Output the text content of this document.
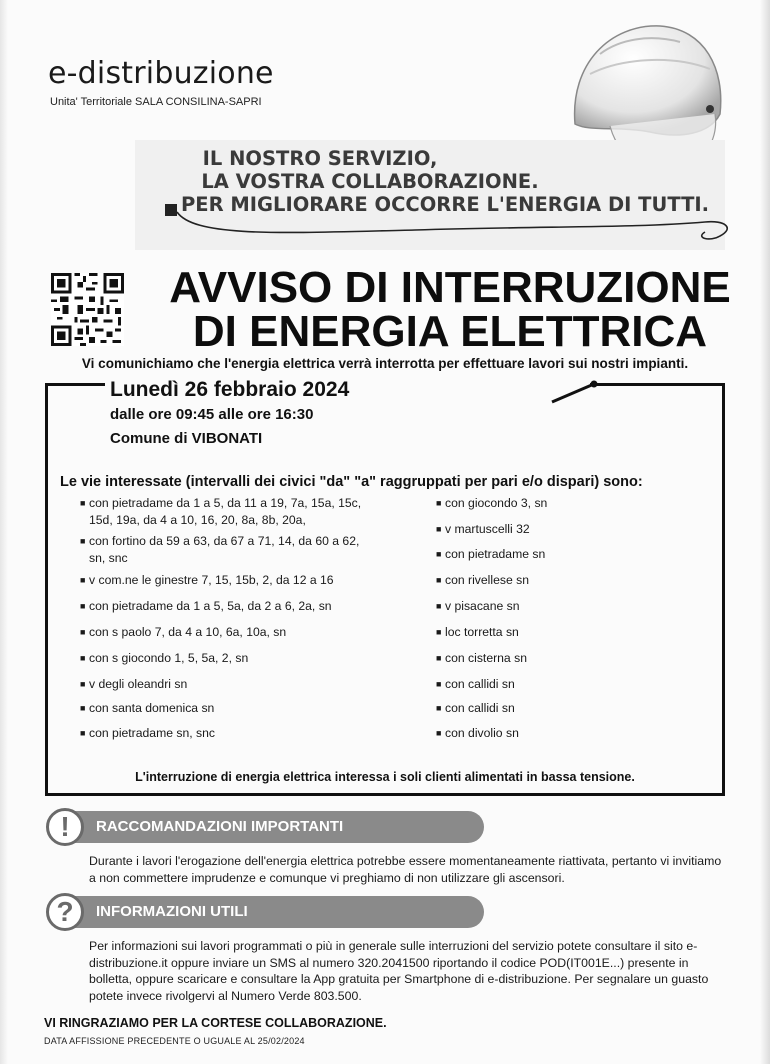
e-distribuzione
Unita' Territoriale SALA CONSILINA-SAPRI
IL NOSTRO SERVIZIO,
LA VOSTRA COLLABORAZIONE.
PER MIGLIORARE OCCORRE L'ENERGIA DI TUTTI.
AVVISO DI INTERRUZIONE
DI ENERGIA ELETTRICA
Vi comunichiamo che l'energia elettrica verrà interrotta per effettuare lavori sui nostri impianti.
Lunedì 26 febbraio 2024
dalle ore 09:45 alle ore 16:30
Comune di VIBONATI
Le vie interessate (intervalli dei civici "da" "a" raggruppati per pari e/o dispari) sono:
■ con pietradame da 1 a 5, da 11 a 19, 7a, 15a, 15c, 15d, 19a, da 4 a 10, 16, 20, 8a, 8b, 20a,
■ con fortino da 59 a 63, da 67 a 71, 14, da 60 a 62, sn, snc
■ v com.ne le ginestre 7, 15, 15b, 2, da 12 a 16
■ con pietradame da 1 a 5, 5a, da 2 a 6, 2a, sn
■ con s paolo 7, da 4 a 10, 6a, 10a, sn
■ con s giocondo 1, 5, 5a, 2, sn
■ v degli oleandri sn
■ con santa domenica sn
■ con pietradame sn, snc
■ con giocondo 3, sn
■ v martuscelli 32
■ con pietradame sn
■ con rivellese sn
■ v pisacane sn
■ loc torretta sn
■ con cisterna sn
■ con callidi sn
■ con callidi sn
■ con divolio sn
L'interruzione di energia elettrica interessa i soli clienti alimentati in bassa tensione.
RACCOMANDAZIONI IMPORTANTI
!
Durante i lavori l'erogazione dell'energia elettrica potrebbe essere momentaneamente riattivata, pertanto vi invitiamo a non commettere imprudenze e comunque vi preghiamo di non utilizzare gli ascensori.
INFORMAZIONI UTILI
?
Per informazioni sui lavori programmati o più in generale sulle interruzioni del servizio potete consultare il sito e-distribuzione.it oppure inviare un SMS al numero 320.2041500 riportando il codice POD(IT001E...) presente in bolletta, oppure scaricare e consultare la App gratuita per Smartphone di e-distribuzione. Per segnalare un guasto potete invece rivolgervi al Numero Verde 803.500.
VI RINGRAZIAMO PER LA CORTESE COLLABORAZIONE.
DATA AFFISSIONE PRECEDENTE O UGUALE AL 25/02/2024
